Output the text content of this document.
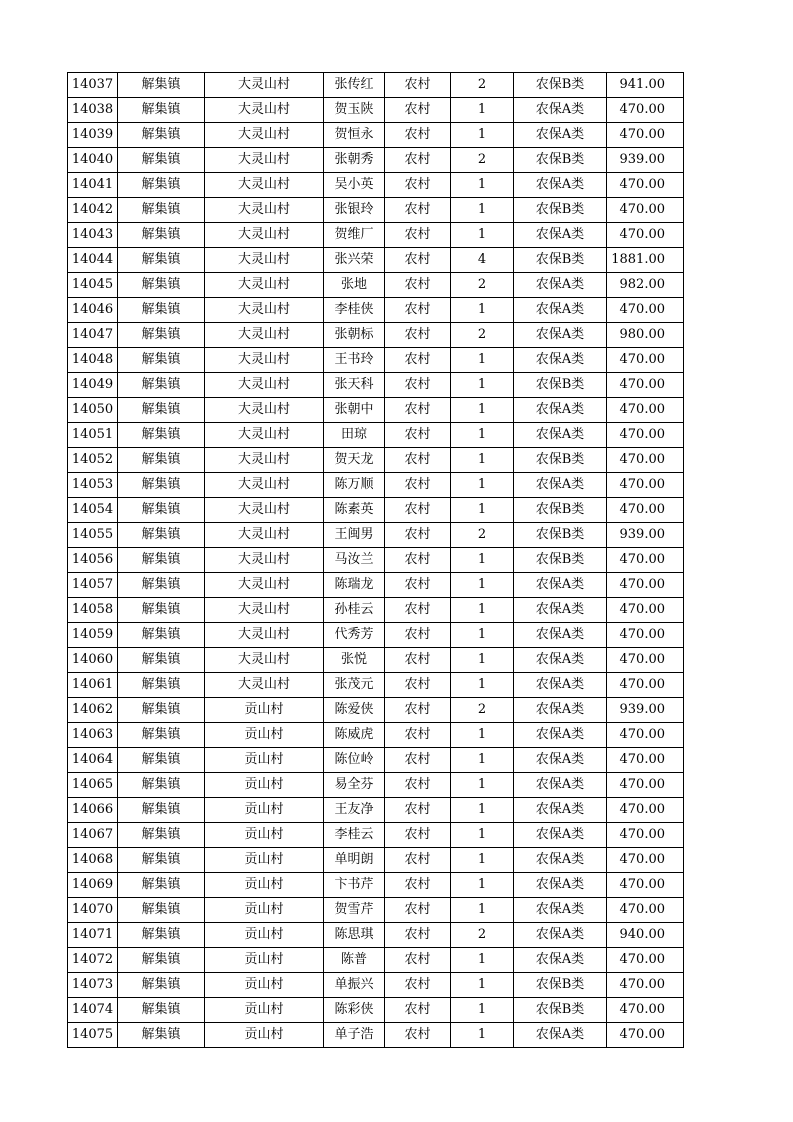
14037	解集镇	大灵山村	张传红	农村	2	农保B类	941.00
14038	解集镇	大灵山村	贺玉陕	农村	1	农保A类	470.00
14039	解集镇	大灵山村	贺恒永	农村	1	农保A类	470.00
14040	解集镇	大灵山村	张朝秀	农村	2	农保B类	939.00
14041	解集镇	大灵山村	吴小英	农村	1	农保A类	470.00
14042	解集镇	大灵山村	张银玲	农村	1	农保B类	470.00
14043	解集镇	大灵山村	贺维厂	农村	1	农保A类	470.00
14044	解集镇	大灵山村	张兴荣	农村	4	农保B类	1881.00
14045	解集镇	大灵山村	张地	农村	2	农保A类	982.00
14046	解集镇	大灵山村	李桂侠	农村	1	农保A类	470.00
14047	解集镇	大灵山村	张朝标	农村	2	农保A类	980.00
14048	解集镇	大灵山村	王书玲	农村	1	农保A类	470.00
14049	解集镇	大灵山村	张天科	农村	1	农保B类	470.00
14050	解集镇	大灵山村	张朝中	农村	1	农保A类	470.00
14051	解集镇	大灵山村	田琼	农村	1	农保A类	470.00
14052	解集镇	大灵山村	贺天龙	农村	1	农保B类	470.00
14053	解集镇	大灵山村	陈万顺	农村	1	农保A类	470.00
14054	解集镇	大灵山村	陈素英	农村	1	农保B类	470.00
14055	解集镇	大灵山村	王闽男	农村	2	农保B类	939.00
14056	解集镇	大灵山村	马汝兰	农村	1	农保B类	470.00
14057	解集镇	大灵山村	陈瑞龙	农村	1	农保A类	470.00
14058	解集镇	大灵山村	孙桂云	农村	1	农保A类	470.00
14059	解集镇	大灵山村	代秀芳	农村	1	农保A类	470.00
14060	解集镇	大灵山村	张悦	农村	1	农保A类	470.00
14061	解集镇	大灵山村	张茂元	农村	1	农保A类	470.00
14062	解集镇	贡山村	陈爱侠	农村	2	农保A类	939.00
14063	解集镇	贡山村	陈威虎	农村	1	农保A类	470.00
14064	解集镇	贡山村	陈位岭	农村	1	农保A类	470.00
14065	解集镇	贡山村	易全芬	农村	1	农保A类	470.00
14066	解集镇	贡山村	王友净	农村	1	农保A类	470.00
14067	解集镇	贡山村	李桂云	农村	1	农保A类	470.00
14068	解集镇	贡山村	单明朗	农村	1	农保A类	470.00
14069	解集镇	贡山村	卞书芹	农村	1	农保A类	470.00
14070	解集镇	贡山村	贺雪芹	农村	1	农保A类	470.00
14071	解集镇	贡山村	陈思琪	农村	2	农保A类	940.00
14072	解集镇	贡山村	陈普	农村	1	农保A类	470.00
14073	解集镇	贡山村	单振兴	农村	1	农保B类	470.00
14074	解集镇	贡山村	陈彩侠	农村	1	农保B类	470.00
14075	解集镇	贡山村	单子浩	农村	1	农保A类	470.00
